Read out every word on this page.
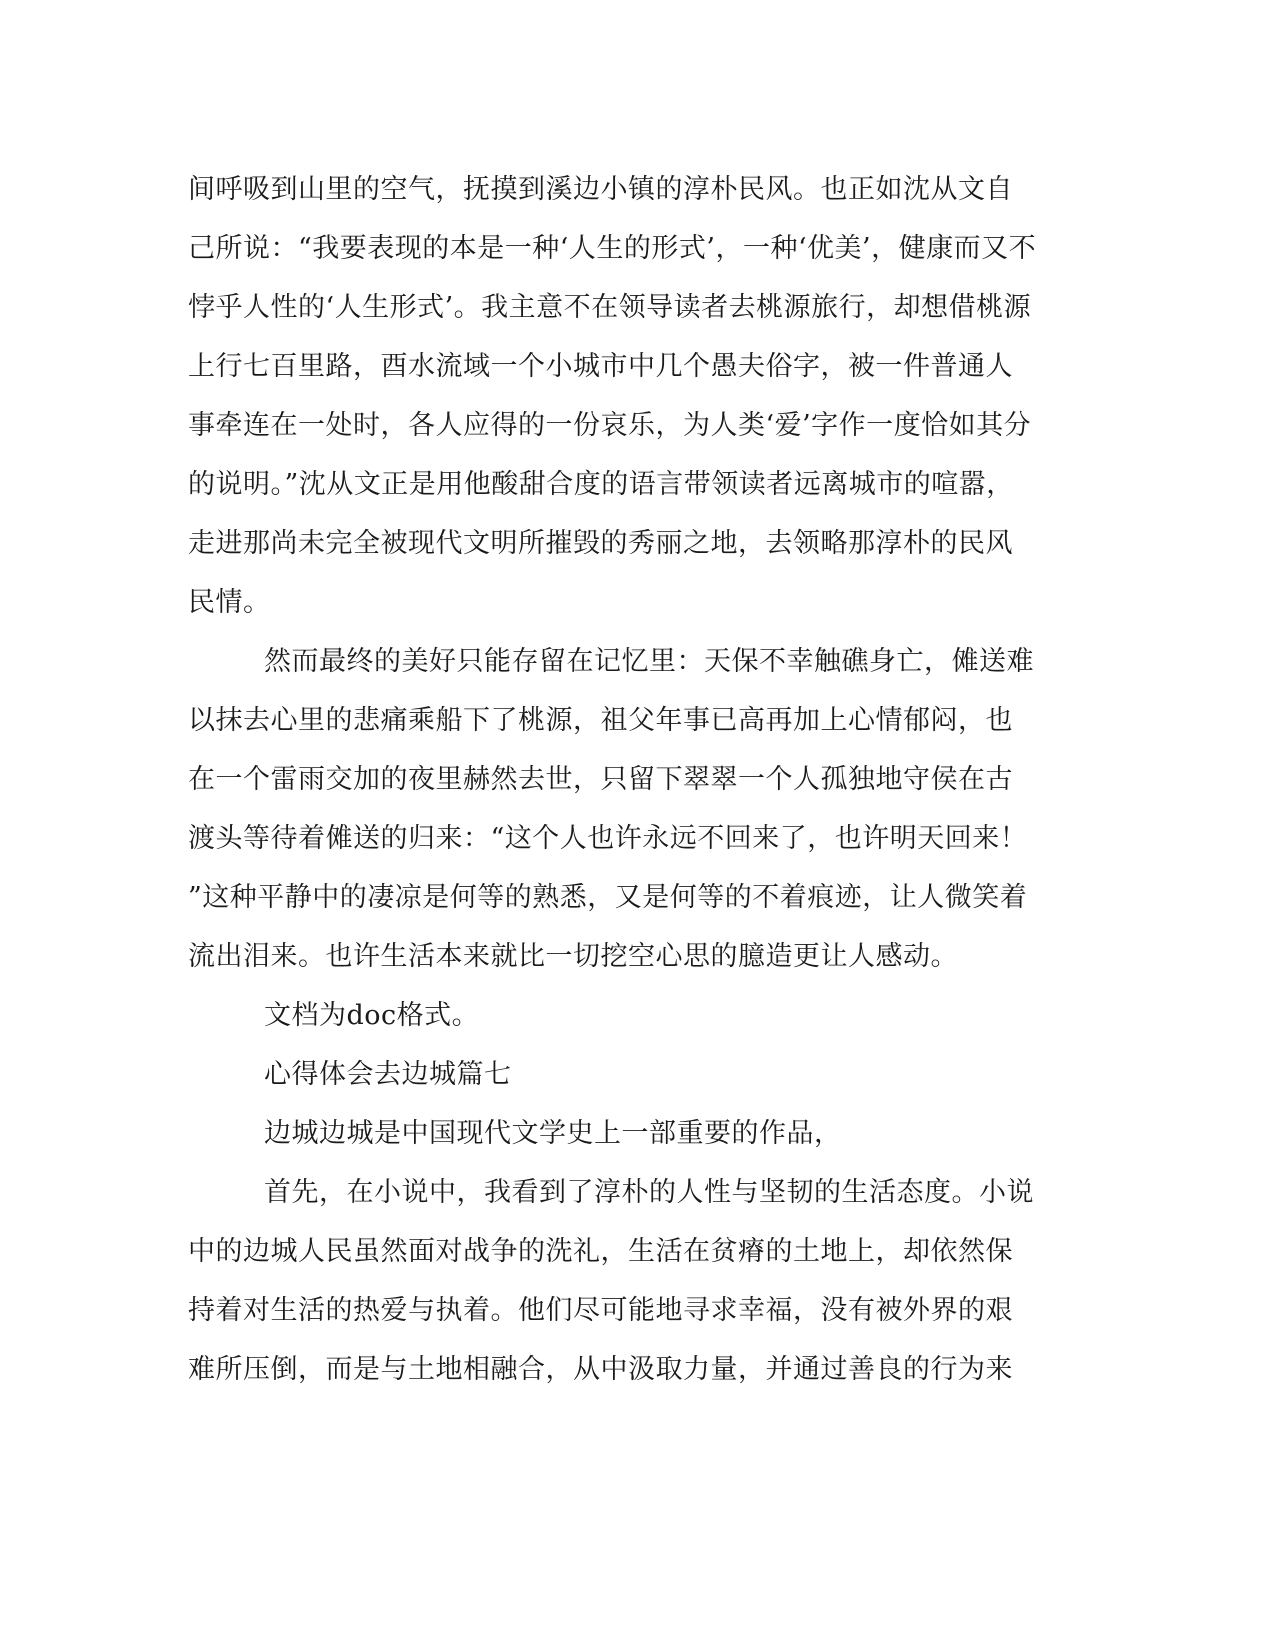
间呼吸到山里的空气，抚摸到溪边小镇的淳朴民风。也正如沈从文自
己所说：“我要表现的本是一种‘人生的形式’，一种‘优美’，健康而又不
悖乎人性的‘人生形式’。我主意不在领导读者去桃源旅行，却想借桃源
上行七百里路，酉水流域一个小城市中几个愚夫俗字，被一件普通人
事牵连在一处时，各人应得的一份哀乐，为人类‘爱’字作一度恰如其分
的说明。”沈从文正是用他酸甜合度的语言带领读者远离城市的喧嚣，
走进那尚未完全被现代文明所摧毁的秀丽之地，去领略那淳朴的民风
民情。
然而最终的美好只能存留在记忆里：天保不幸触礁身亡，傩送难
以抹去心里的悲痛乘船下了桃源，祖父年事已高再加上心情郁闷，也
在一个雷雨交加的夜里赫然去世，只留下翠翠一个人孤独地守侯在古
渡头等待着傩送的归来：“这个人也许永远不回来了，也许明天回来！
”这种平静中的凄凉是何等的熟悉，又是何等的不着痕迹，让人微笑着
流出泪来。也许生活本来就比一切挖空心思的臆造更让人感动。
文档为doc格式。
心得体会去边城篇七
边城边城是中国现代文学史上一部重要的作品，
首先，在小说中，我看到了淳朴的人性与坚韧的生活态度。小说
中的边城人民虽然面对战争的洗礼，生活在贫瘠的土地上，却依然保
持着对生活的热爱与执着。他们尽可能地寻求幸福，没有被外界的艰
难所压倒，而是与土地相融合，从中汲取力量，并通过善良的行为来
